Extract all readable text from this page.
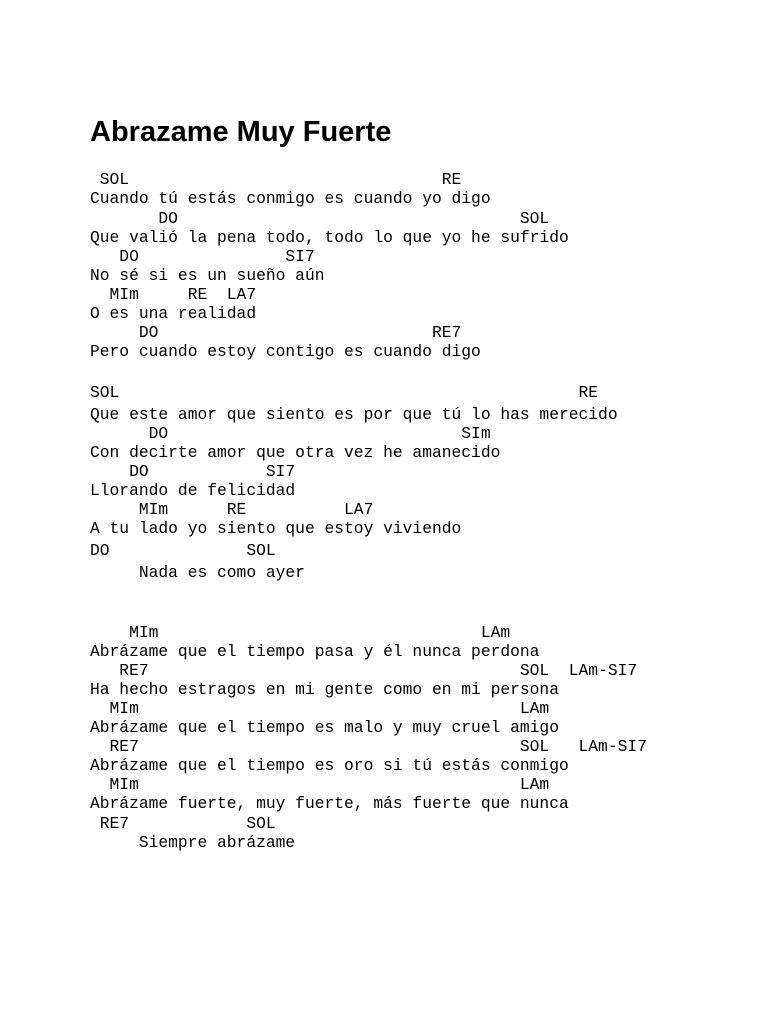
Abrazame Muy Fuerte
SOL                                RE
Cuando tú estás conmigo es cuando yo digo
DO                                   SOL
Que valió la pena todo, todo lo que yo he sufrido
DO               SI7
No sé si es un sueño aún
MIm     RE  LA7
O es una realidad
DO                            RE7
Pero cuando estoy contigo es cuando digo
SOL                                               RE
Que este amor que siento es por que tú lo has merecido
DO                              SIm
Con decirte amor que otra vez he amanecido
DO            SI7
Llorando de felicidad
MIm      RE          LA7
A tu lado yo siento que estoy viviendo
DO              SOL
Nada es como ayer
MIm                                 LAm
Abrázame que el tiempo pasa y él nunca perdona
RE7                                      SOL  LAm-SI7
Ha hecho estragos en mi gente como en mi persona
MIm                                       LAm
Abrázame que el tiempo es malo y muy cruel amigo
RE7                                       SOL   LAm-SI7
Abrázame que el tiempo es oro si tú estás conmigo
MIm                                       LAm
Abrázame fuerte, muy fuerte, más fuerte que nunca
RE7            SOL
Siempre abrázame
